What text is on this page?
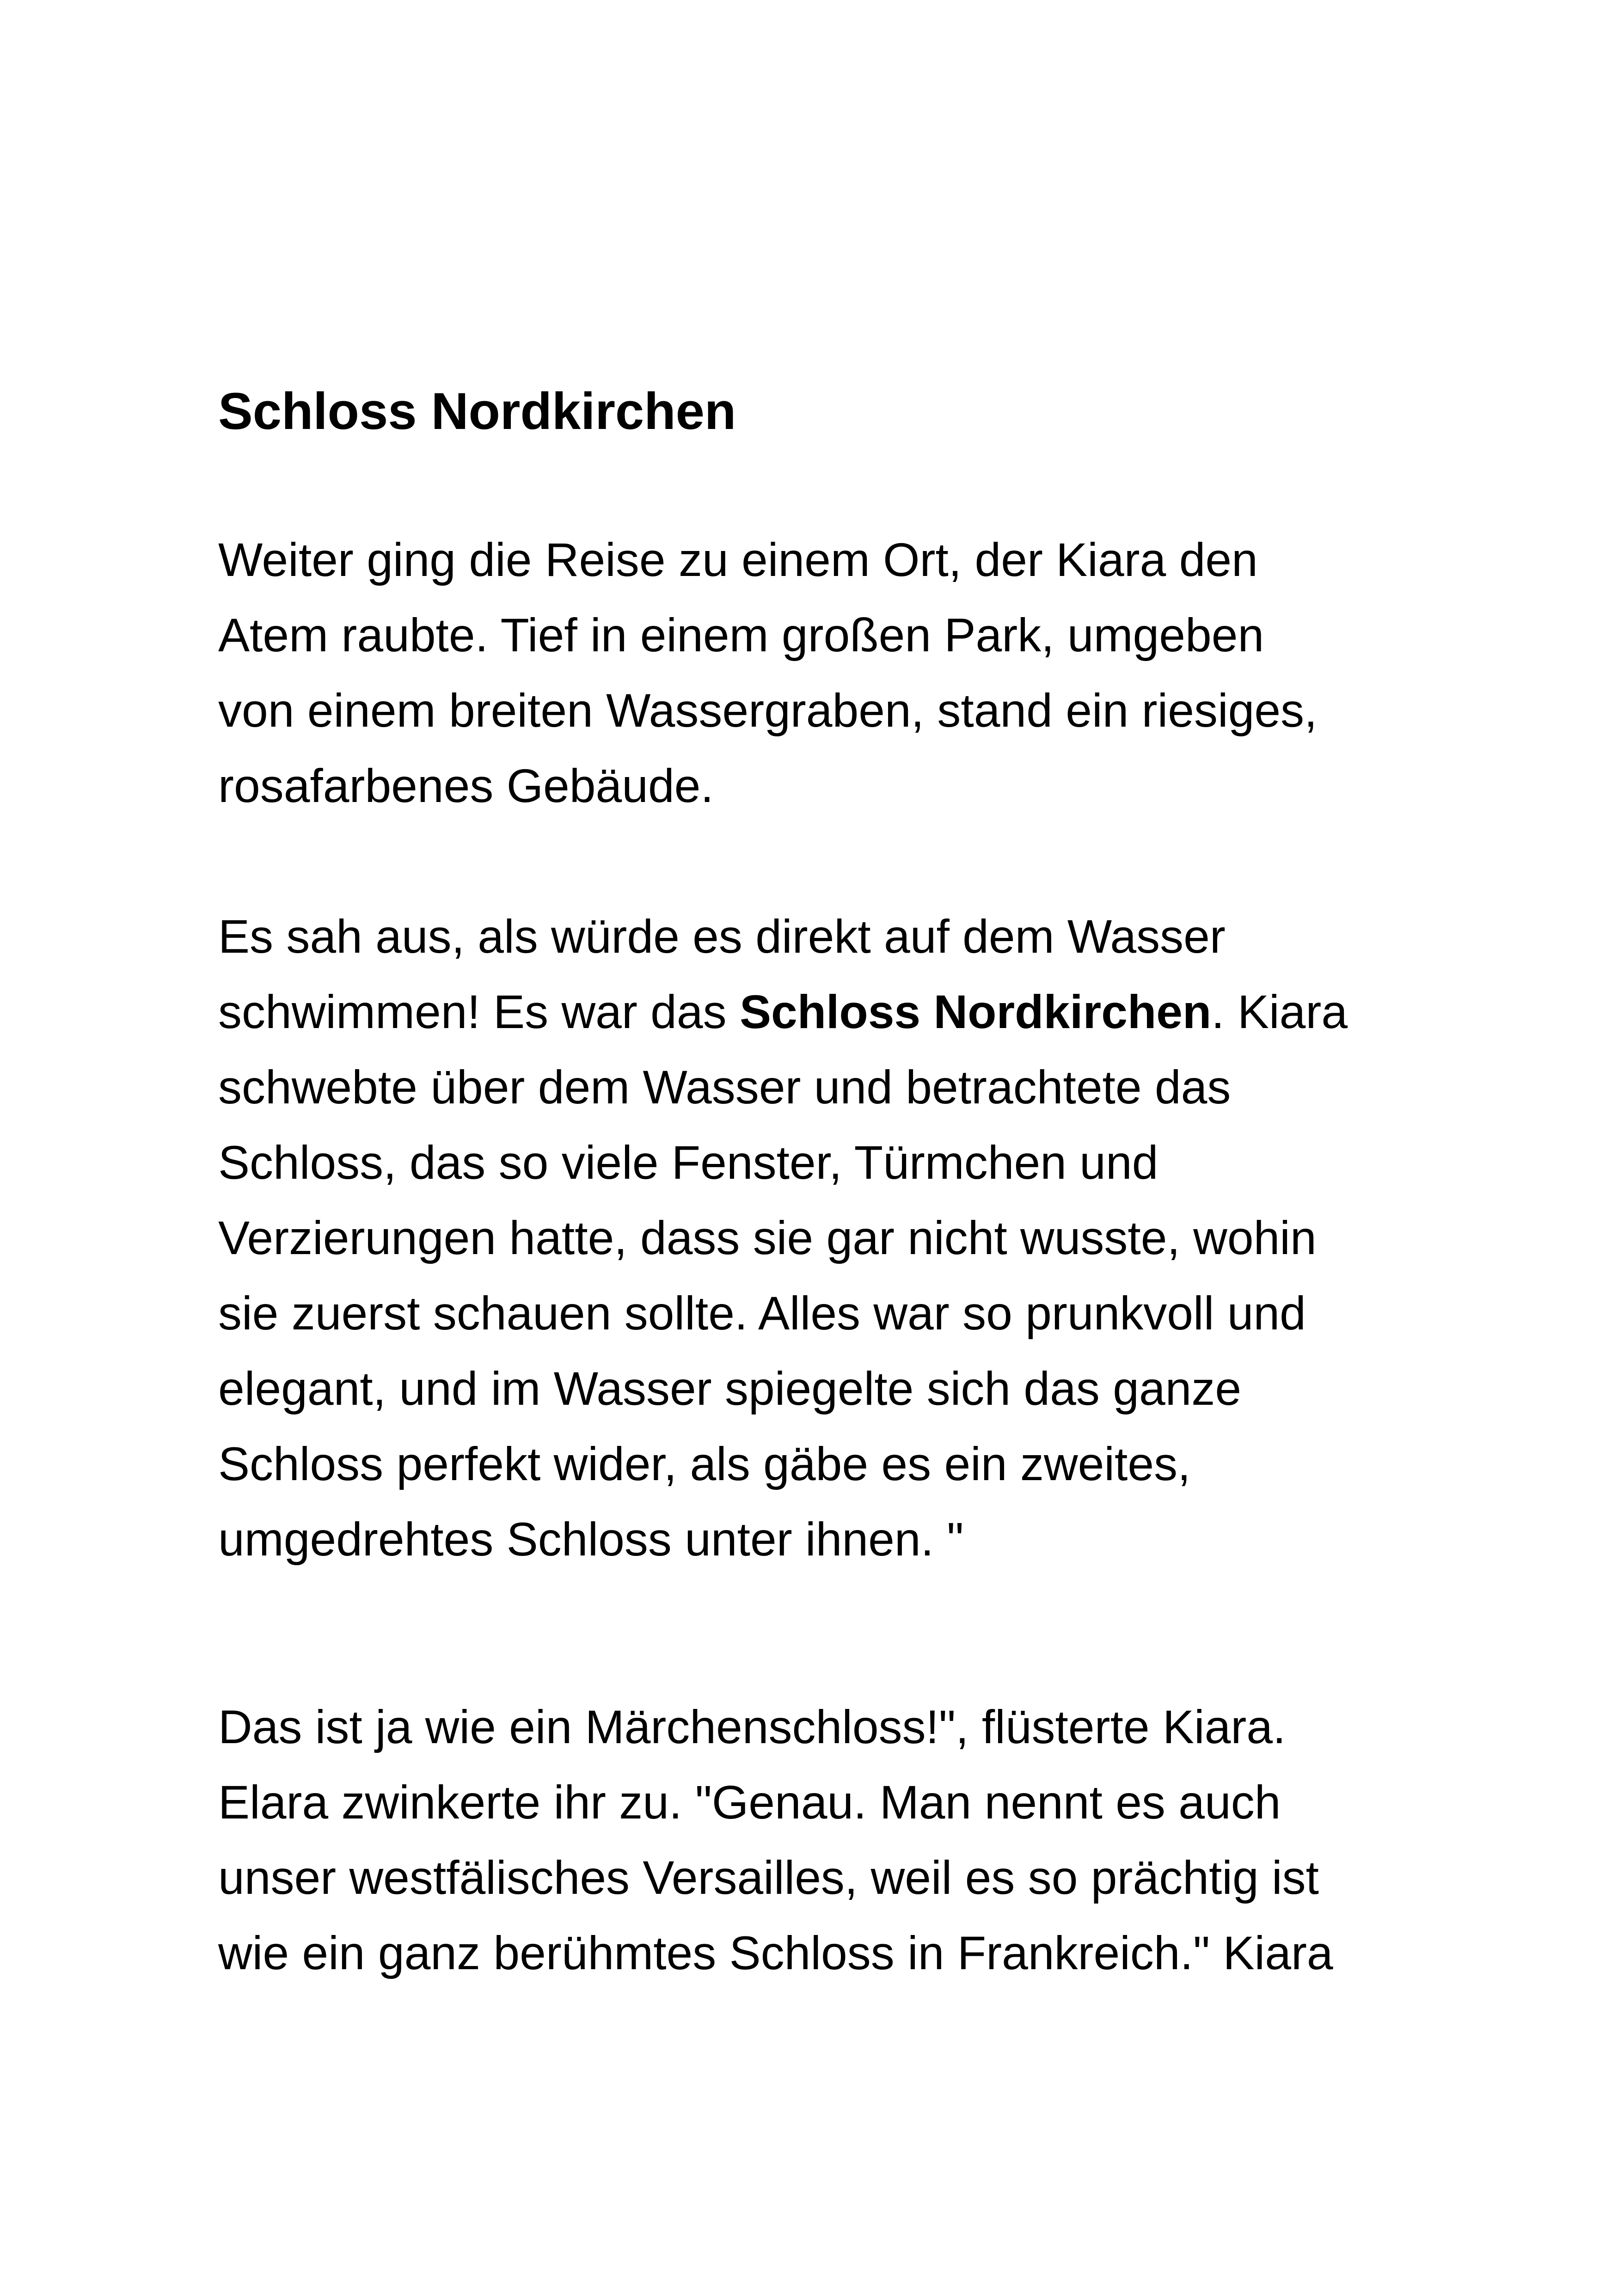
Schloss Nordkirchen

Weiter ging die Reise zu einem Ort, der Kiara den
Atem raubte. Tief in einem großen Park, umgeben
von einem breiten Wassergraben, stand ein riesiges,
rosafarbenes Gebäude.

Es sah aus, als würde es direkt auf dem Wasser
schwimmen! Es war das Schloss Nordkirchen. Kiara
schwebte über dem Wasser und betrachtete das
Schloss, das so viele Fenster, Türmchen und
Verzierungen hatte, dass sie gar nicht wusste, wohin
sie zuerst schauen sollte. Alles war so prunkvoll und
elegant, und im Wasser spiegelte sich das ganze
Schloss perfekt wider, als gäbe es ein zweites,
umgedrehtes Schloss unter ihnen. "

Das ist ja wie ein Märchenschloss!", flüsterte Kiara.
Elara zwinkerte ihr zu. "Genau. Man nennt es auch
unser westfälisches Versailles, weil es so prächtig ist
wie ein ganz berühmtes Schloss in Frankreich." Kiara
